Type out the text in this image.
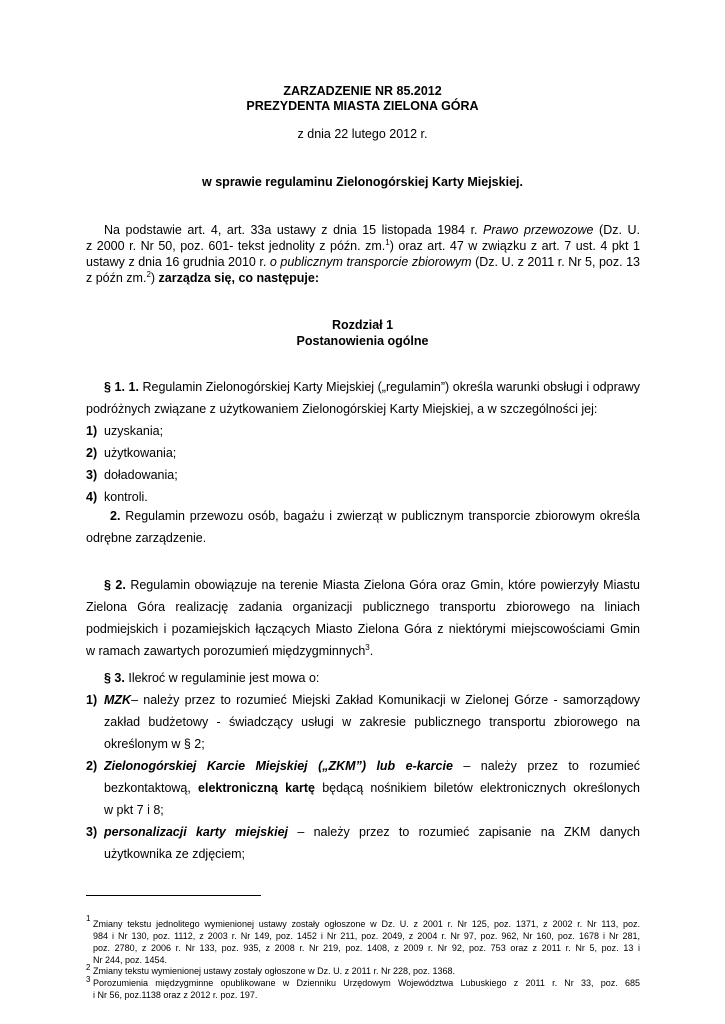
ZARZADZENIE NR 85.2012
PREZYDENTA MIASTA ZIELONA GÓRA
z dnia 22 lutego 2012 r.
w sprawie regulaminu Zielonogórskiej Karty Miejskiej.
Na podstawie art. 4, art. 33a ustawy z dnia 15 listopada 1984 r. Prawo przewozowe (Dz. U.
z 2000 r. Nr 50, poz. 601- tekst jednolity z późn. zm.$^1$) oraz art. 47 w związku z art. 7 ust. 4 pkt 1
ustawy z dnia 16 grudnia 2010 r. o publicznym transporcie zbiorowym (Dz. U. z 2011 r. Nr 5, poz. 13
z późn zm.$^2$) zarządza się, co następuje:
Rozdział 1
Postanowienia ogólne
§ 1. 1. Regulamin Zielonogórskiej Karty Miejskiej („regulamin”) określa warunki obsługi i odprawy
podróżnych związane z użytkowaniem Zielonogórskiej Karty Miejskiej, a w szczególności jej:
1) uzyskania;
2) użytkowania;
3) doładowania;
4) kontroli.
2. Regulamin przewozu osób, bagażu i zwierząt w publicznym transporcie zbiorowym określa
odrębne zarządzenie.
§ 2. Regulamin obowiązuje na terenie Miasta Zielona Góra oraz Gmin, które powierzyły Miastu
Zielona Góra realizację zadania organizacji publicznego transportu zbiorowego na liniach
podmiejskich i pozamiejskich łączących Miasto Zielona Góra z niektórymi miejscowościami Gmin
w ramach zawartych porozumień międzygminnych$^3$.
§ 3. Ilekroć w regulaminie jest mowa o:
1) MZK– należy przez to rozumieć Miejski Zakład Komunikacji w Zielonej Górze - samorządowy
zakład budżetowy - świadczący usługi w zakresie publicznego transportu zbiorowego na
określonym w § 2;
2) Zielonogórskiej Karcie Miejskiej („ZKM”) lub e-karcie – należy przez to rozumieć
bezkontaktową, elektroniczną kartę będącą nośnikiem biletów elektronicznych określonych
w pkt 7 i 8;
3) personalizacji karty miejskiej – należy przez to rozumieć zapisanie na ZKM danych
użytkownika ze zdjęciem;
1
Zmiany tekstu jednolitego wymienionej ustawy zostały ogłoszone w Dz. U. z 2001 r. Nr 125, poz. 1371, z 2002 r. Nr 113, poz.
984 i Nr 130, poz. 1112, z 2003 r. Nr 149, poz. 1452 i Nr 211, poz. 2049, z 2004 r. Nr 97, poz. 962, Nr 160, poz. 1678 i Nr 281,
poz. 2780, z 2006 r. Nr 133, poz. 935, z 2008 r. Nr 219, poz. 1408, z 2009 r. Nr 92, poz. 753 oraz z 2011 r. Nr 5, poz. 13 i
Nr 244, poz. 1454.
2 Zmiany tekstu wymienionej ustawy zostały ogłoszone w Dz. U. z 2011 r. Nr 228, poz. 1368.
3 Porozumienia międzygminne opublikowane w Dzienniku Urzędowym Województwa Lubuskiego z 2011 r. Nr 33, poz. 685
i Nr 56, poz.1138 oraz z 2012 r. poz. 197.
